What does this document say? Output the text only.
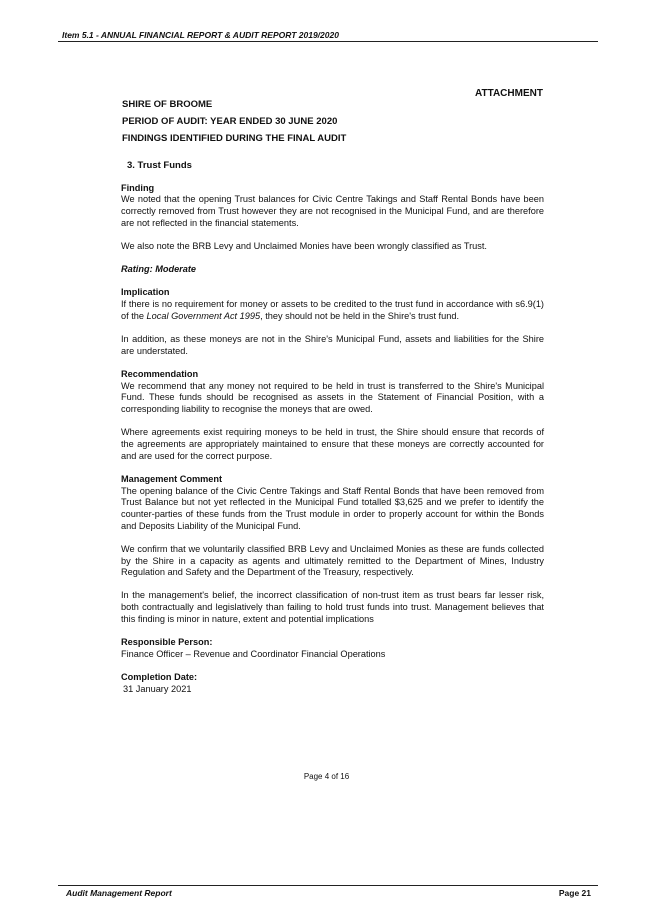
Item 5.1 - ANNUAL FINANCIAL REPORT & AUDIT REPORT 2019/2020
ATTACHMENT
SHIRE OF BROOME
PERIOD OF AUDIT: YEAR ENDED 30 JUNE 2020
FINDINGS IDENTIFIED DURING THE FINAL AUDIT

3. Trust Funds

Finding

We noted that the opening Trust balances for Civic Centre Takings and Staff Rental Bonds have been correctly removed from Trust however they are not recognised in the Municipal Fund, and are therefore are not reflected in the financial statements.

We also note the BRB Levy and Unclaimed Monies have been wrongly classified as Trust.

Rating: Moderate

Implication

If there is no requirement for money or assets to be credited to the trust fund in accordance with s6.9(1) of the Local Government Act 1995, they should not be held in the Shire's trust fund.

In addition, as these moneys are not in the Shire's Municipal Fund, assets and liabilities for the Shire are understated.

Recommendation

We recommend that any money not required to be held in trust is transferred to the Shire's Municipal Fund. These funds should be recognised as assets in the Statement of Financial Position, with a corresponding liability to recognise the moneys that are owed.

Where agreements exist requiring moneys to be held in trust, the Shire should ensure that records of the agreements are appropriately maintained to ensure that these moneys are correctly accounted for and are used for the correct purpose.

Management Comment

The opening balance of the Civic Centre Takings and Staff Rental Bonds that have been removed from Trust Balance but not yet reflected in the Municipal Fund totalled $3,625 and we prefer to identify the counter-parties of these funds from the Trust module in order to properly account for within the Bonds and Deposits Liability of the Municipal Fund.

We confirm that we voluntarily classified BRB Levy and Unclaimed Monies as these are funds collected by the Shire in a capacity as agents and ultimately remitted to the Department of Mines, Industry Regulation and Safety and the Department of the Treasury, respectively.

In the management's belief, the incorrect classification of non-trust item as trust bears far lesser risk, both contractually and legislatively than failing to hold trust funds into trust. Management believes that this finding is minor in nature, extent and potential implications

Responsible Person:

Finance Officer – Revenue and Coordinator Financial Operations

Completion Date:

31 January 2021

Page 4 of 16
Audit Management Report	Page 21
